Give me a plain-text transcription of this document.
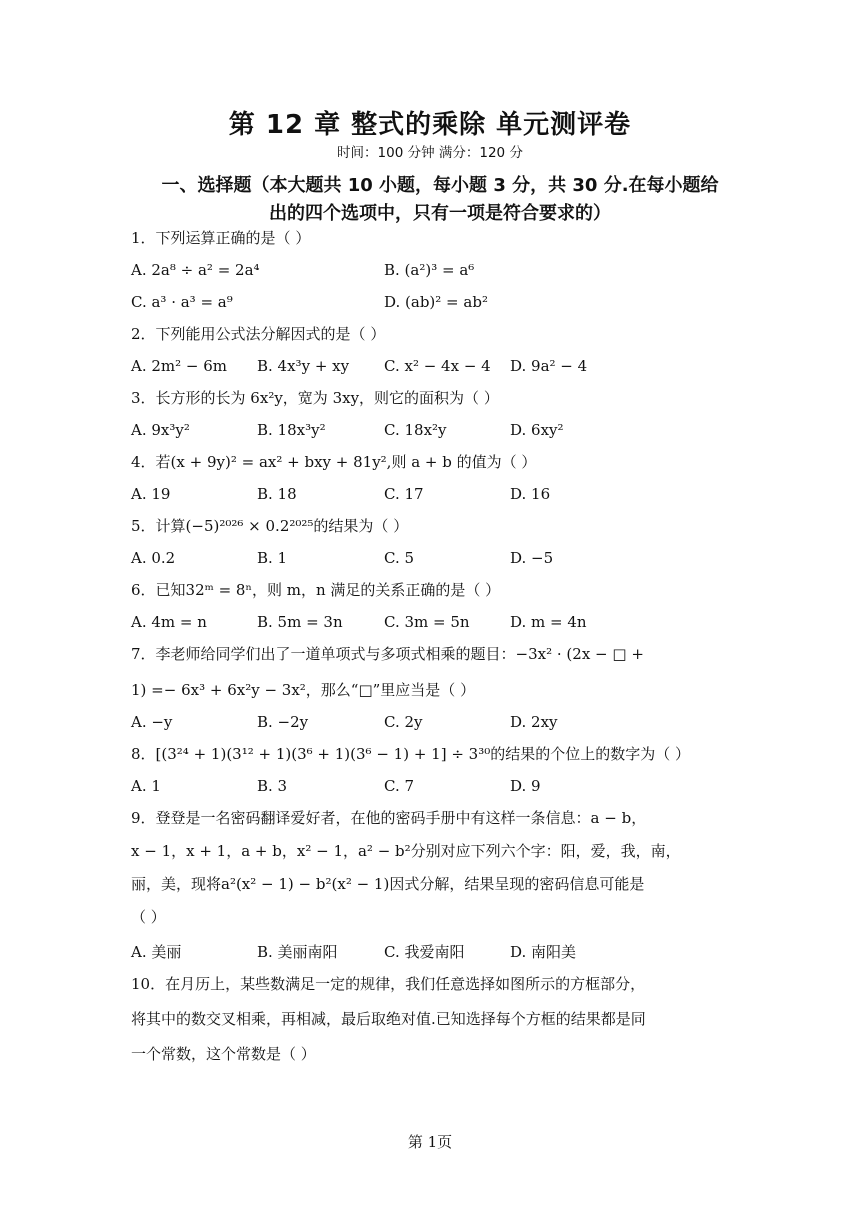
第 12 章 整式的乘除 单元测评卷
时间：100 分钟 满分：120 分
一、选择题（本大题共 10 小题，每小题 3 分，共 30 分.在每小题给
出的四个选项中，只有一项是符合要求的）
1．下列运算正确的是（ ）
A. 2a⁸ ÷ a² = 2a⁴	B. (a²)³ = a⁶
C. a³ · a³ = a⁹	D. (ab)² = ab²
2．下列能用公式法分解因式的是（ ）
A. 2m² − 6m B. 4x³y + xy C. x² − 4x − 4 D. 9a² − 4
3．长方形的长为 6x²y，宽为 3xy，则它的面积为（ ）
A. 9x³y²	B. 18x³y²	C. 18x²y	D. 6xy²
4．若(x + 9y)² = ax² + bxy + 81y²,则 a + b 的值为（ ）
A. 19	B. 18	C. 17	D. 16
5．计算(−5)²⁰²⁶ × 0.2²⁰²⁵的结果为（ ）
A. 0.2	B. 1	C. 5	D. −5
6．已知32ᵐ = 8ⁿ，则 m，n 满足的关系正确的是（ ）
A. 4m = n	B. 5m = 3n	C. 3m = 5n	D. m = 4n
7．李老师给同学们出了一道单项式与多项式相乘的题目：−3x² · (2x − □ +
1) =− 6x³ + 6x²y − 3x²，那么“□”里应当是（ ）
A. −y	B. −2y	C. 2y	D. 2xy
8．[(3²⁴ + 1)(3¹² + 1)(3⁶ + 1)(3⁶ − 1) + 1] ÷ 3³⁰的结果的个位上的数字为（ ）
A. 1	B. 3	C. 7	D. 9
9．登登是一名密码翻译爱好者，在他的密码手册中有这样一条信息：a − b，
x − 1，x + 1，a + b，x² − 1，a² − b²分别对应下列六个字：阳，爱，我，南，
丽，美，现将a²(x² − 1) − b²(x² − 1)因式分解，结果呈现的密码信息可能是
（ ）
A. 美丽	B. 美丽南阳	C. 我爱南阳	D. 南阳美
10．在月历上，某些数满足一定的规律，我们任意选择如图所示的方框部分，
将其中的数交叉相乘，再相减，最后取绝对值.已知选择每个方框的结果都是同
一个常数，这个常数是（ ）
第 1页
